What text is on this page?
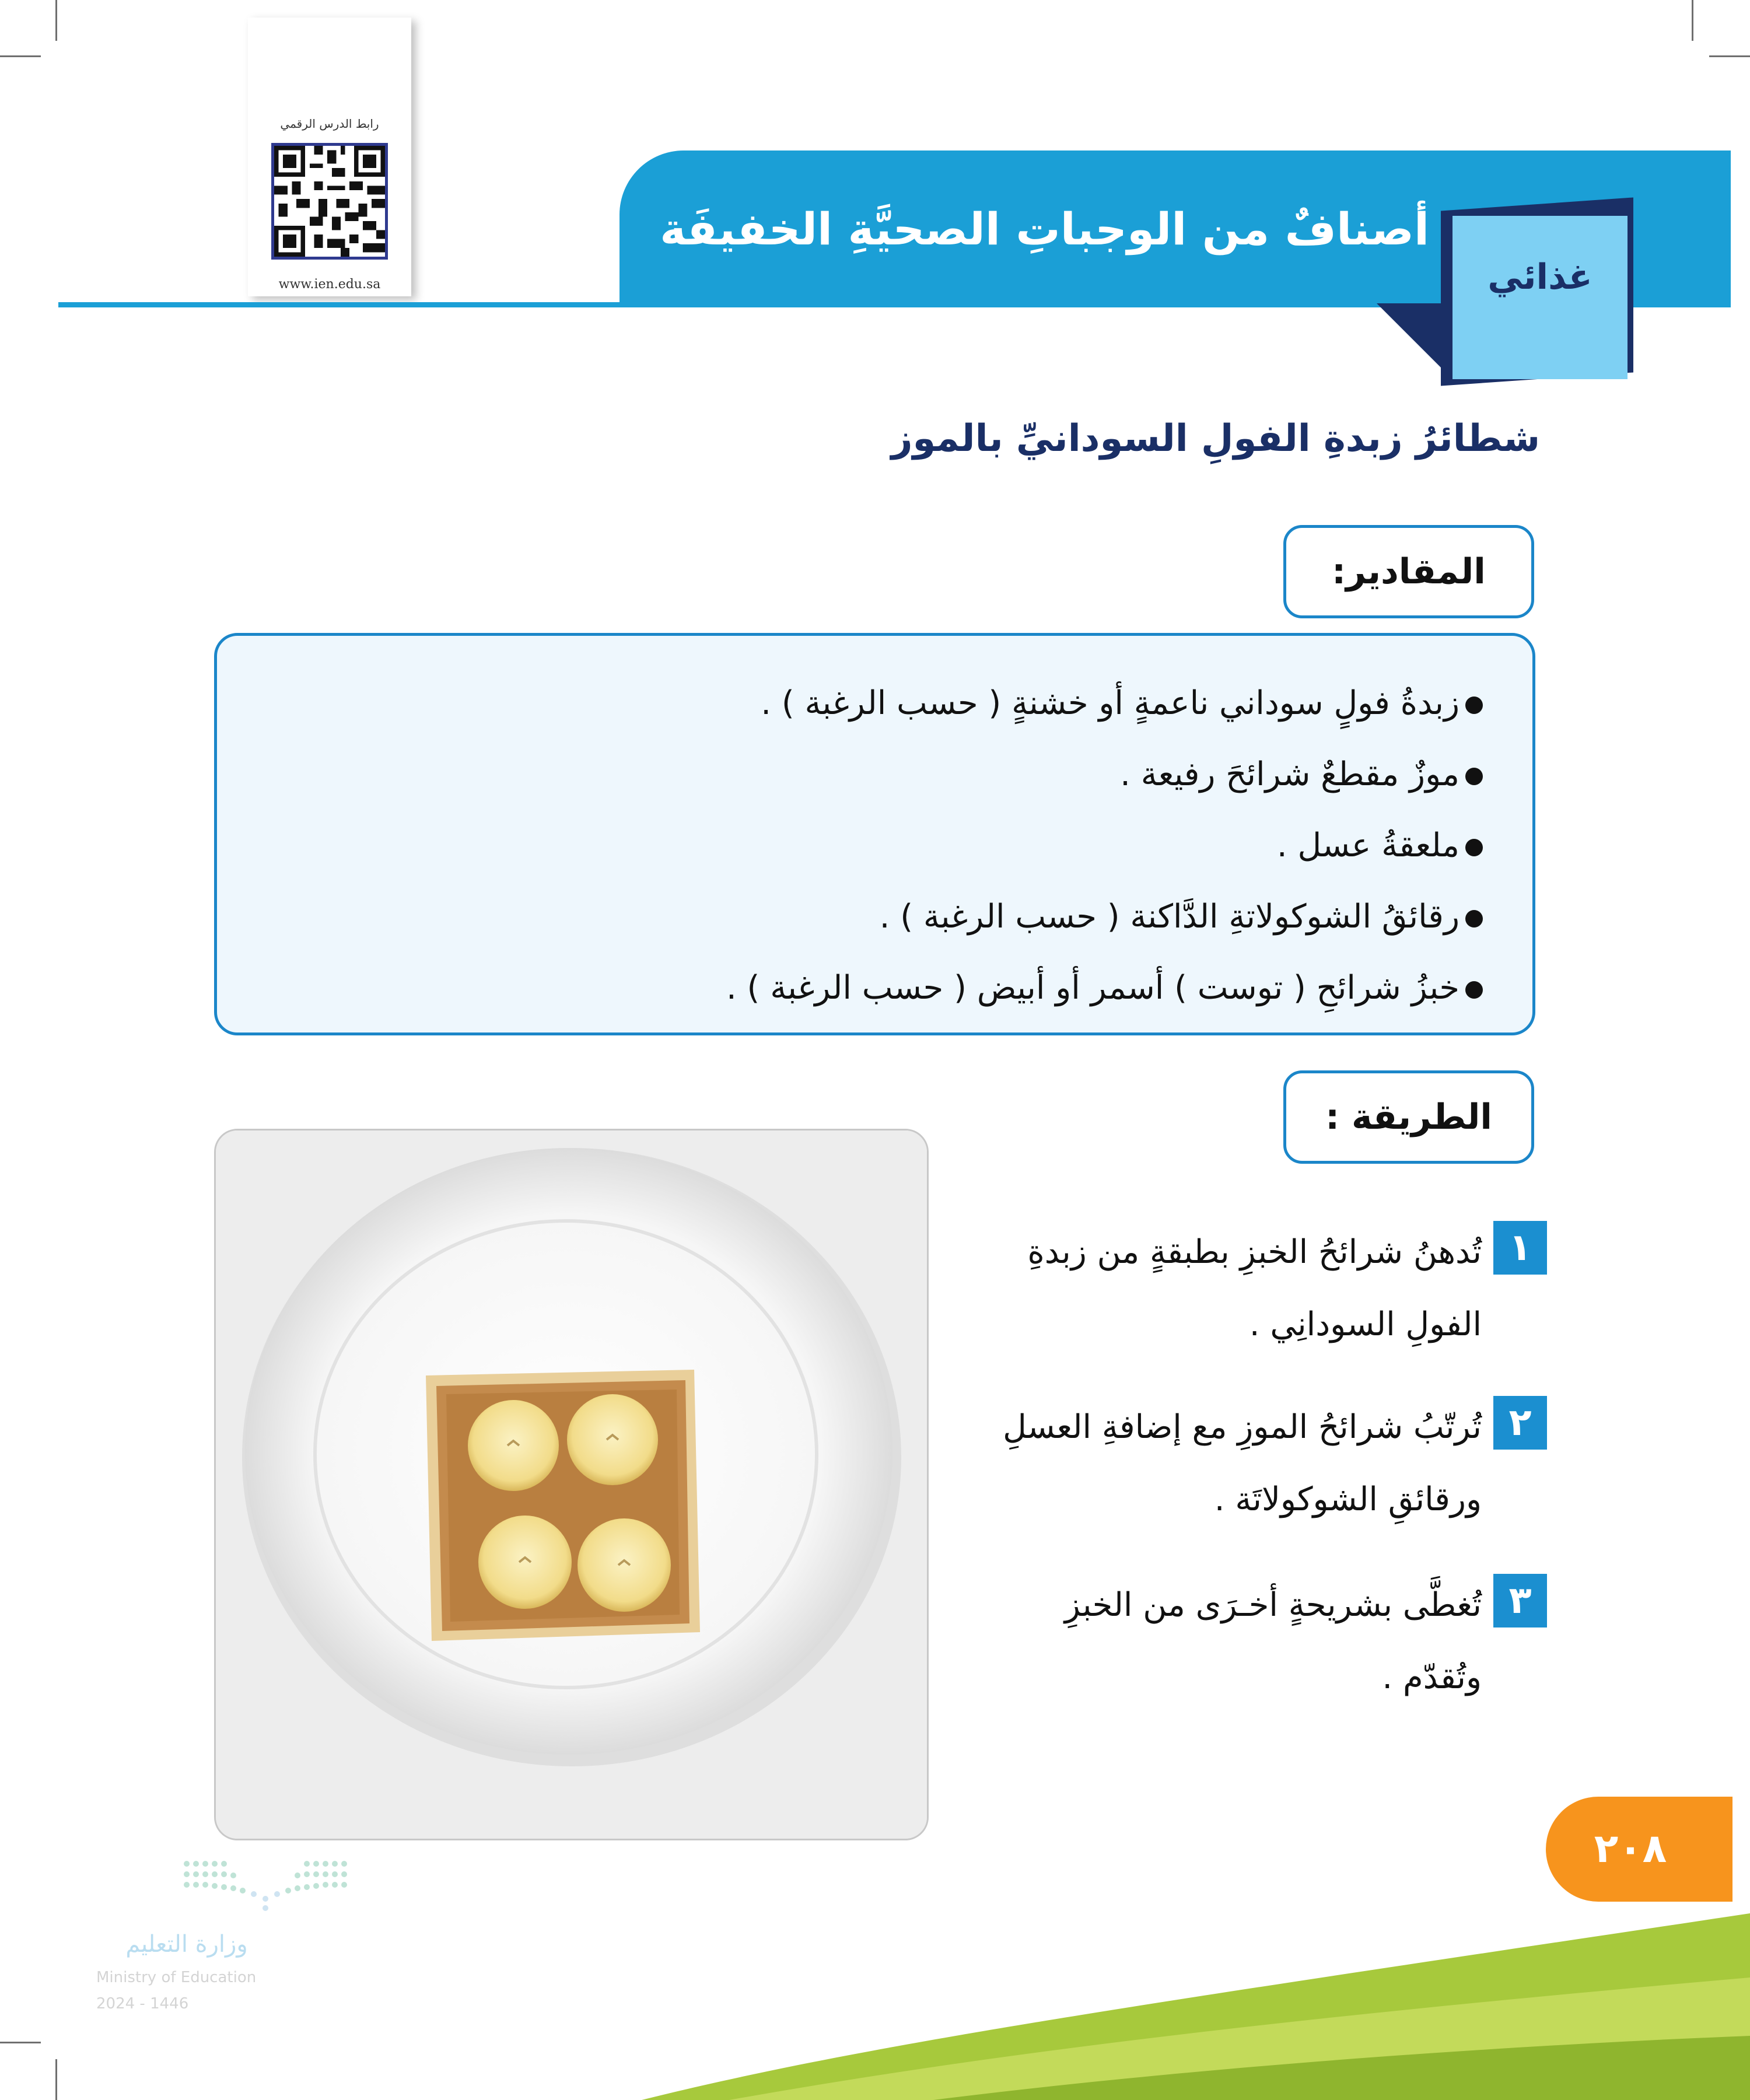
رابط الدرس الرقمي
www.ien.edu.sa	غذائي
أصنافٌ من الوجباتِ الصحيَّةِ الخفيفَة
شطائرُ زبدةِ الفولِ السودانيِّ بالموز
المقادير:
زبدةُ فولٍ سوداني ناعمةٍ أو خشنةٍ ( حسب الرغبة ) .
موزٌ مقطعٌ شرائحَ رفيعة .
ملعقةُ عسل .
رقائقُ الشوكولاتةِ الدَّاكنة ( حسب الرغبة ) .
خبزُ شرائحِ ( توست ) أسمر أو أبيض ( حسب الرغبة ) .
الطريقة :
١
تُدهنُ شرائحُ الخبزِ بطبقةٍ من زبدةِ
الفولِ السودانِي .
٢
تُرتّبُ شرائحُ الموزِ مع إضافةِ العسلِ
ورقائقِ الشوكولاتَة .
٣
تُغطَّى بشريحةٍ أخـرَى من الخبزِ
وتُقدّم .
٢٠٨
وزارة التعليم
Ministry of Education
2024 - 1446
